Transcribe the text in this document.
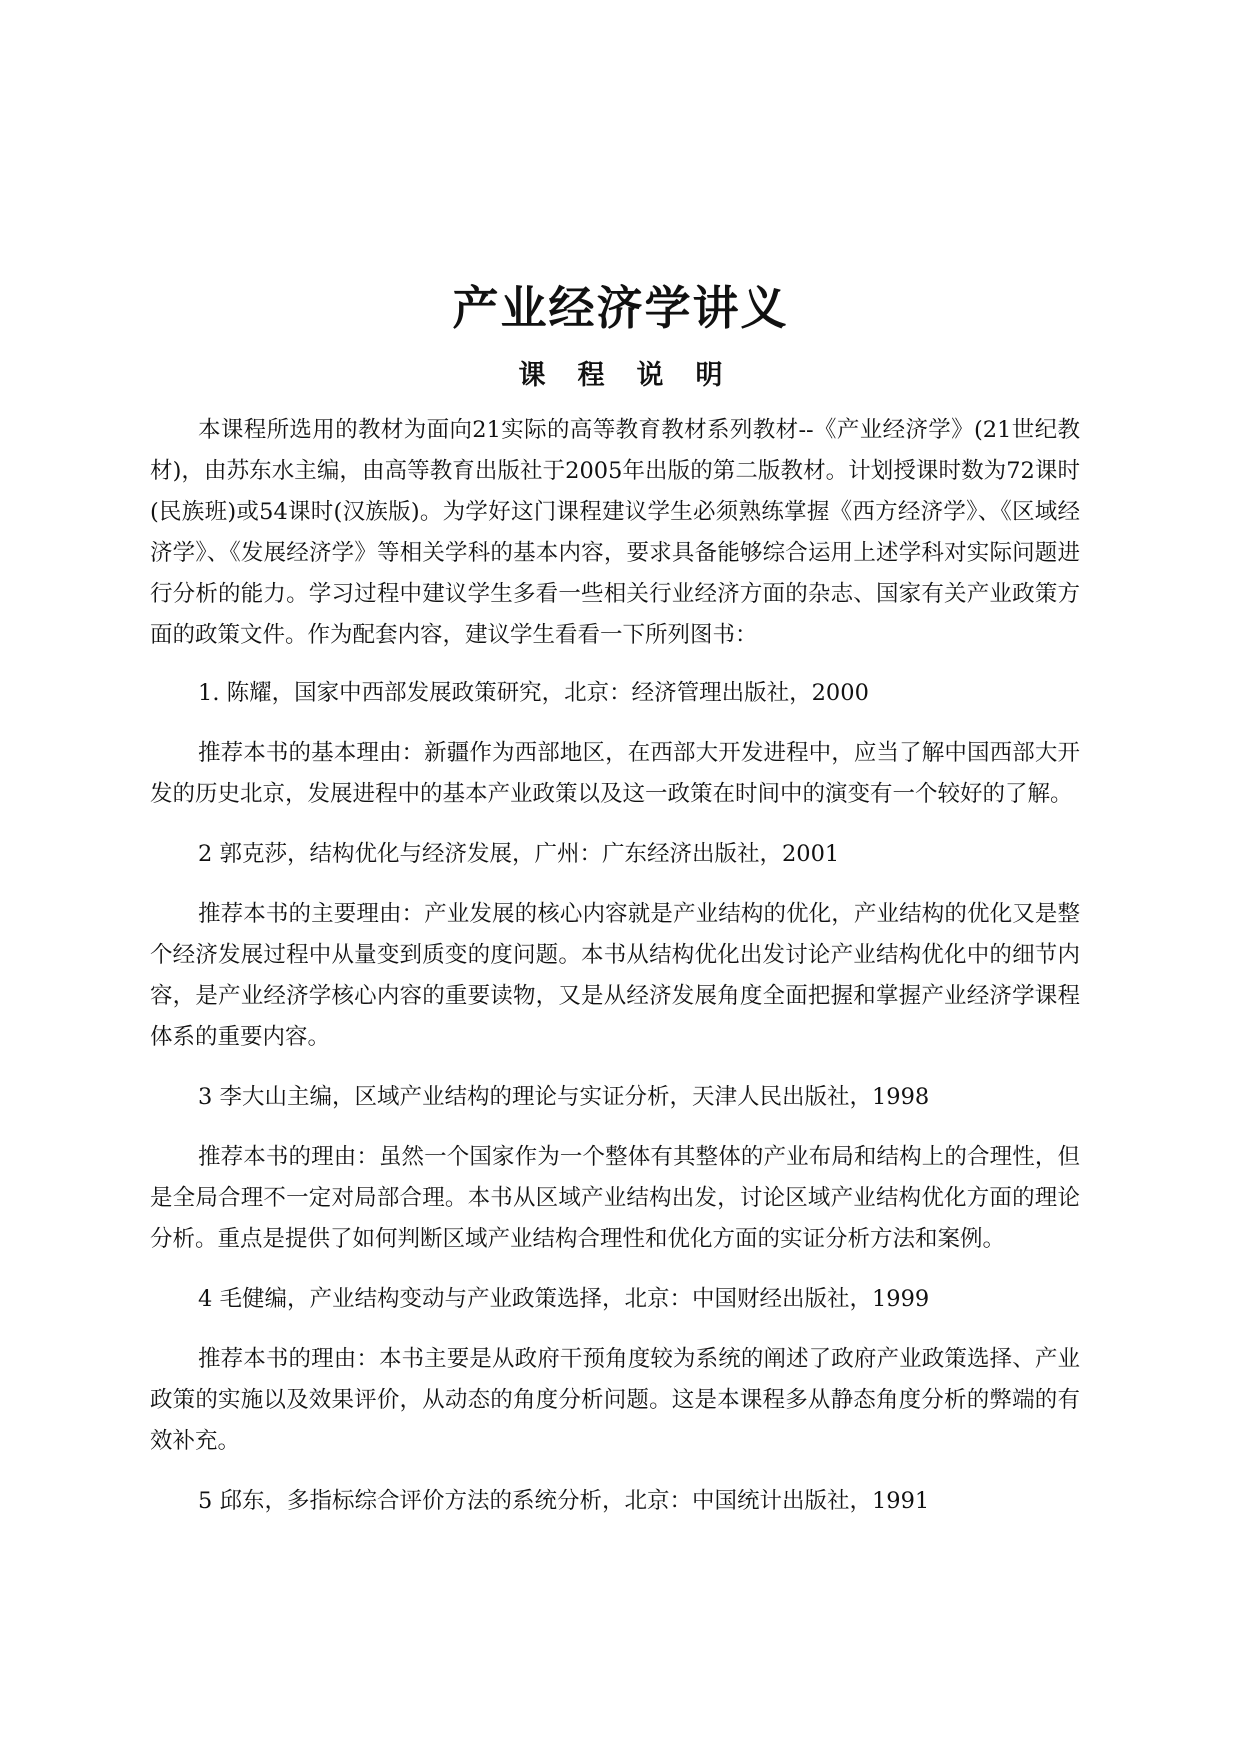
产业经济学讲义
课 程 说 明

本课程所选用的教材为面向21实际的高等教育教材系列教材--《产业经济学》(21世纪教材)，由苏东水主编，由高等教育出版社于2005年出版的第二版教材。计划授课时数为72课时(民族班)或54课时(汉族版)。为学好这门课程建议学生必须熟练掌握《西方经济学》、《区域经济学》、《发展经济学》等相关学科的基本内容，要求具备能够综合运用上述学科对实际问题进行分析的能力。学习过程中建议学生多看一些相关行业经济方面的杂志、国家有关产业政策方面的政策文件。作为配套内容，建议学生看看一下所列图书：

1. 陈耀，国家中西部发展政策研究，北京：经济管理出版社，2000

推荐本书的基本理由：新疆作为西部地区，在西部大开发进程中，应当了解中国西部大开发的历史北京，发展进程中的基本产业政策以及这一政策在时间中的演变有一个较好的了解。

2 郭克莎，结构优化与经济发展，广州：广东经济出版社，2001

推荐本书的主要理由：产业发展的核心内容就是产业结构的优化，产业结构的优化又是整个经济发展过程中从量变到质变的度问题。本书从结构优化出发讨论产业结构优化中的细节内容，是产业经济学核心内容的重要读物，又是从经济发展角度全面把握和掌握产业经济学课程体系的重要内容。

3 李大山主编，区域产业结构的理论与实证分析，天津人民出版社，1998

推荐本书的理由：虽然一个国家作为一个整体有其整体的产业布局和结构上的合理性，但是全局合理不一定对局部合理。本书从区域产业结构出发，讨论区域产业结构优化方面的理论分析。重点是提供了如何判断区域产业结构合理性和优化方面的实证分析方法和案例。

4 毛健编，产业结构变动与产业政策选择，北京：中国财经出版社，1999

推荐本书的理由：本书主要是从政府干预角度较为系统的阐述了政府产业政策选择、产业政策的实施以及效果评价，从动态的角度分析问题。这是本课程多从静态角度分析的弊端的有效补充。

5 邱东，多指标综合评价方法的系统分析，北京：中国统计出版社，1991
